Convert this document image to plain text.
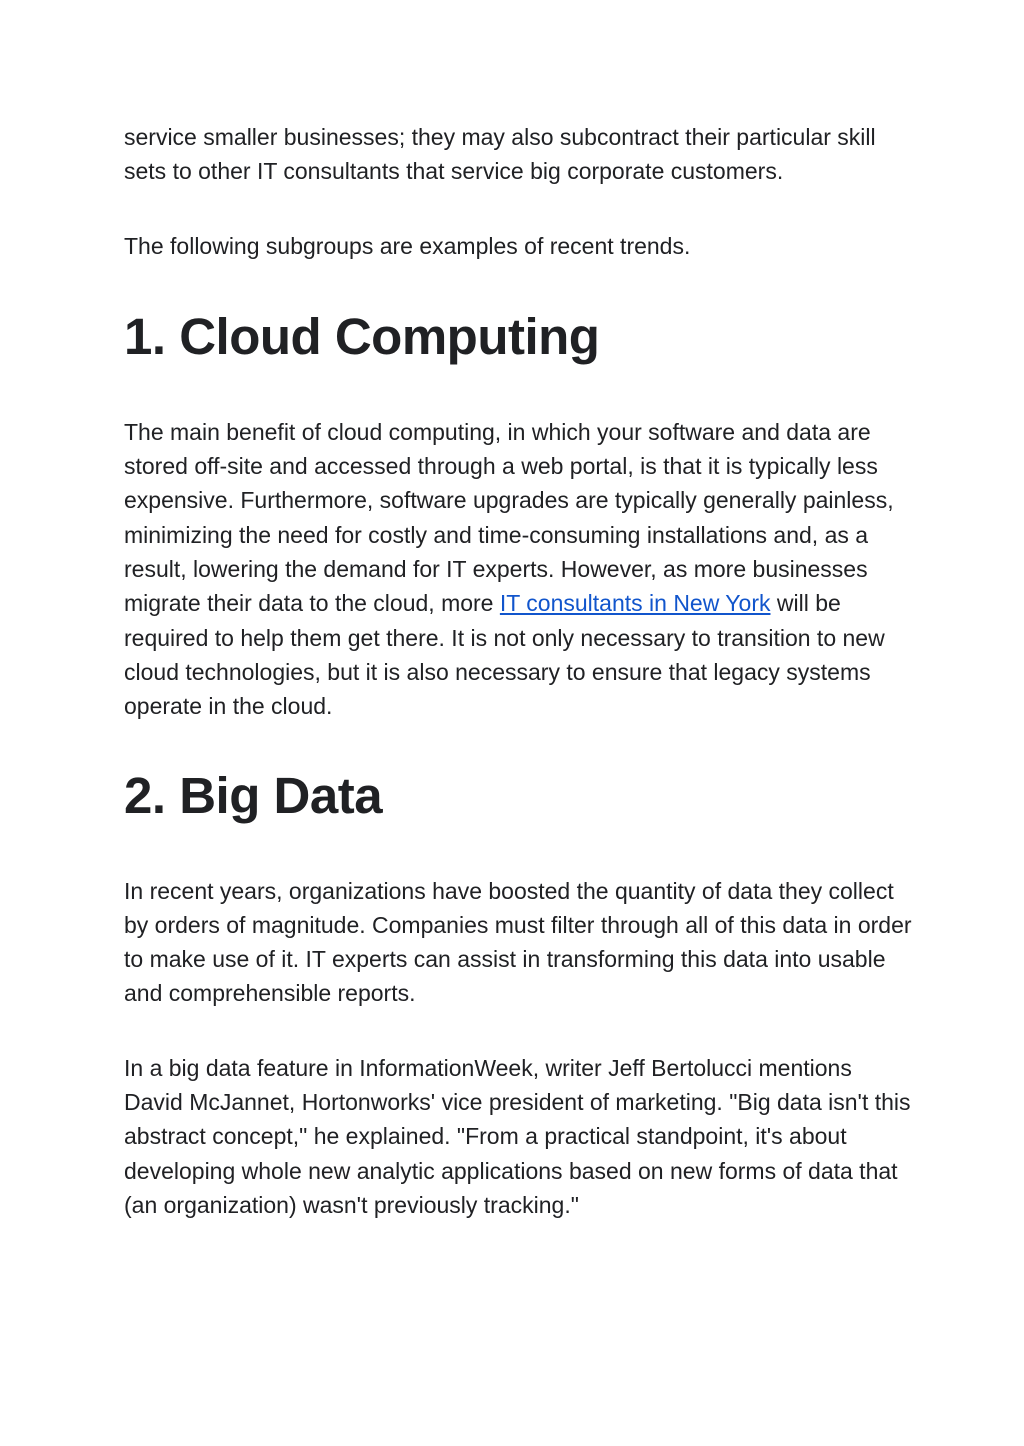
service smaller businesses; they may also subcontract their particular skill sets to other IT consultants that service big corporate customers.

The following subgroups are examples of recent trends.

1. Cloud Computing

The main benefit of cloud computing, in which your software and data are stored off-site and accessed through a web portal, is that it is typically less expensive. Furthermore, software upgrades are typically generally painless, minimizing the need for costly and time-consuming installations and, as a result, lowering the demand for IT experts. However, as more businesses migrate their data to the cloud, more IT consultants in New York will be required to help them get there. It is not only necessary to transition to new cloud technologies, but it is also necessary to ensure that legacy systems operate in the cloud.

2. Big Data

In recent years, organizations have boosted the quantity of data they collect by orders of magnitude. Companies must filter through all of this data in order to make use of it. IT experts can assist in transforming this data into usable and comprehensible reports.

In a big data feature in InformationWeek, writer Jeff Bertolucci mentions David McJannet, Hortonworks' vice president of marketing. "Big data isn't this abstract concept," he explained. "From a practical standpoint, it's about developing whole new analytic applications based on new forms of data that (an organization) wasn't previously tracking."
